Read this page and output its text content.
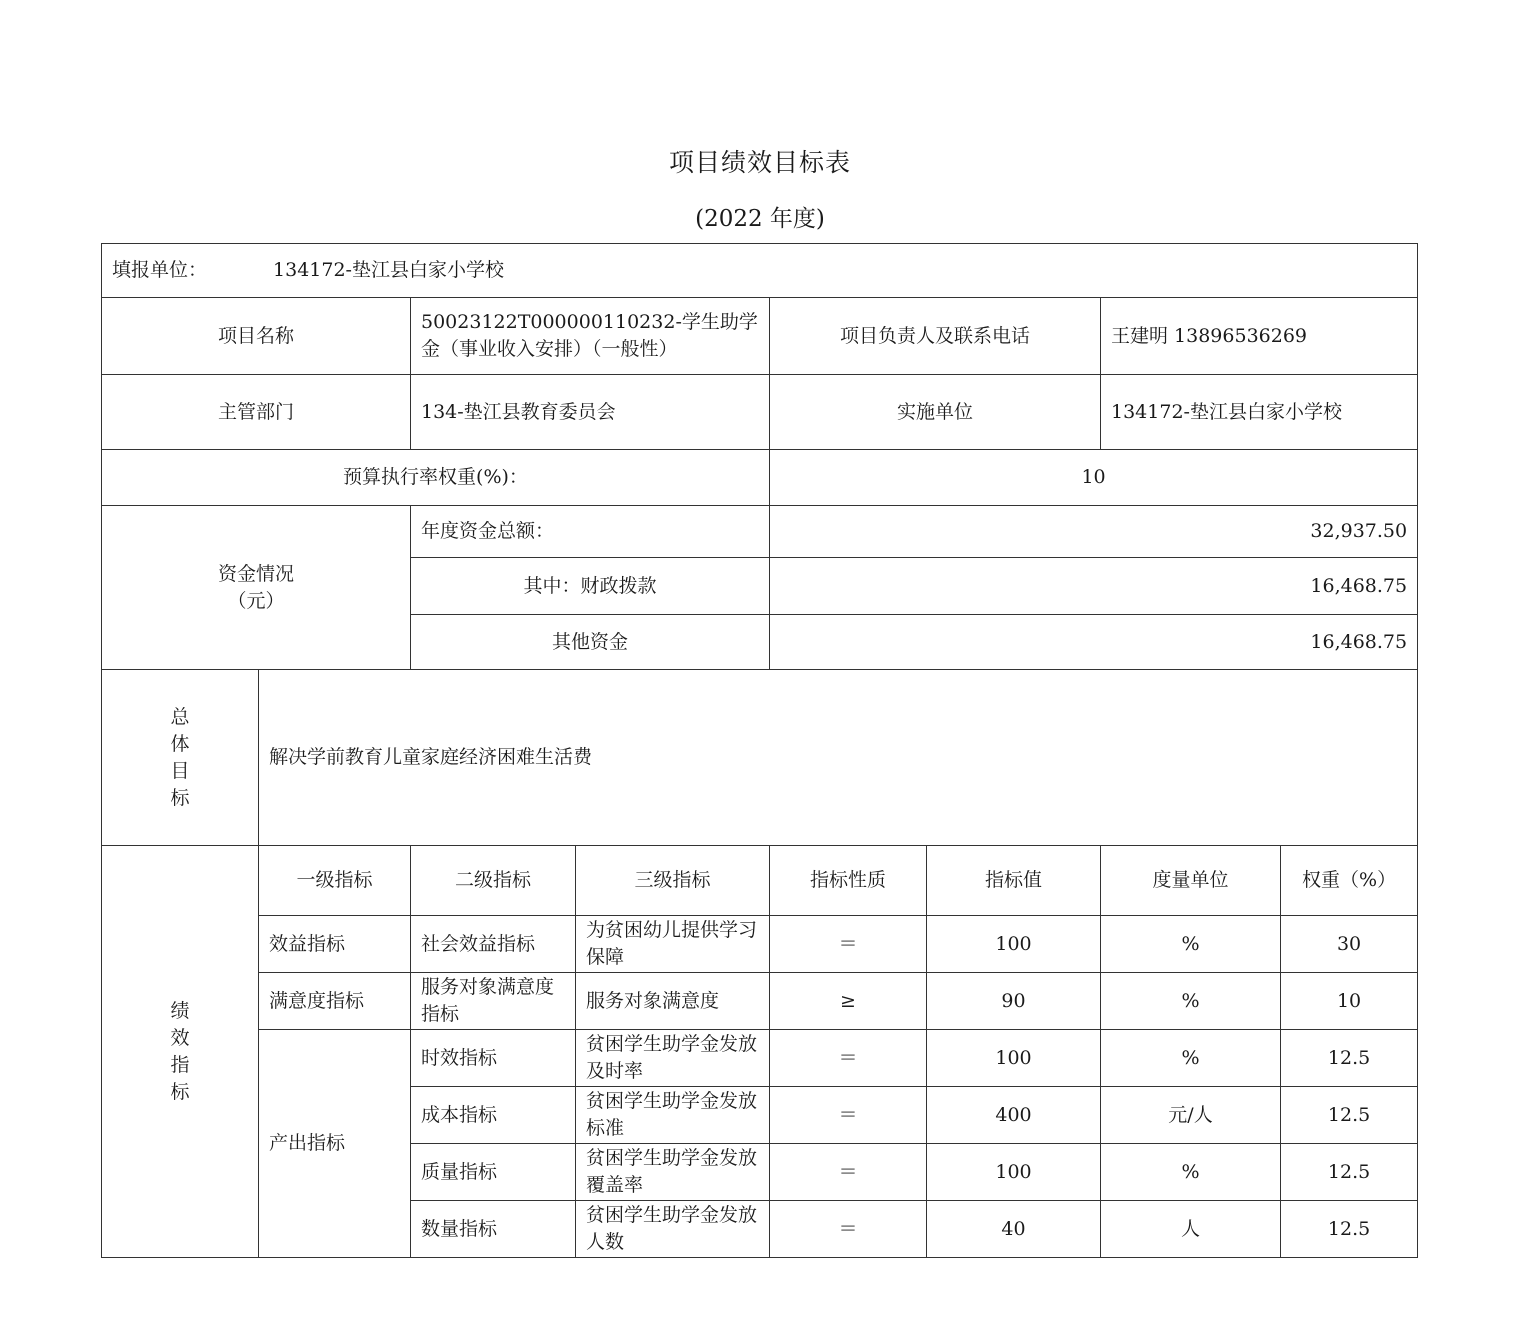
项目绩效目标表
(2022 年度)
填报单位： 134172-垫江县白家小学校							
项目名称		50023122T000000110232-学生助学金（事业收入安排）（一般性）		项目负责人及联系电话		王建明 13896536269	
主管部门		134-垫江县教育委员会		实施单位		134172-垫江县白家小学校	
预算执行率权重(%)：				10			

资金情况
（元）		年度资金总额：		32,937.50			
		其中：财政拨款		16,468.75			
		其他资金		16,468.75			

总
体
目
标	解决学前教育儿童家庭经济困难生活费						

绩
效
指
标	一级指标	二级指标	三级指标	指标性质	指标值	度量单位	权重（%）
	效益指标	社会效益指标	为贫困幼儿提供学习保障	＝	100	%	30
	满意度指标	服务对象满意度指标	服务对象满意度	≥	90	%	10
	产出指标	时效指标	贫困学生助学金发放及时率	＝	100	%	12.5
		成本指标	贫困学生助学金发放标准	＝	400	元/人	12.5
		质量指标	贫困学生助学金发放覆盖率	＝	100	%	12.5
		数量指标	贫困学生助学金发放人数	＝	40	人	12.5
